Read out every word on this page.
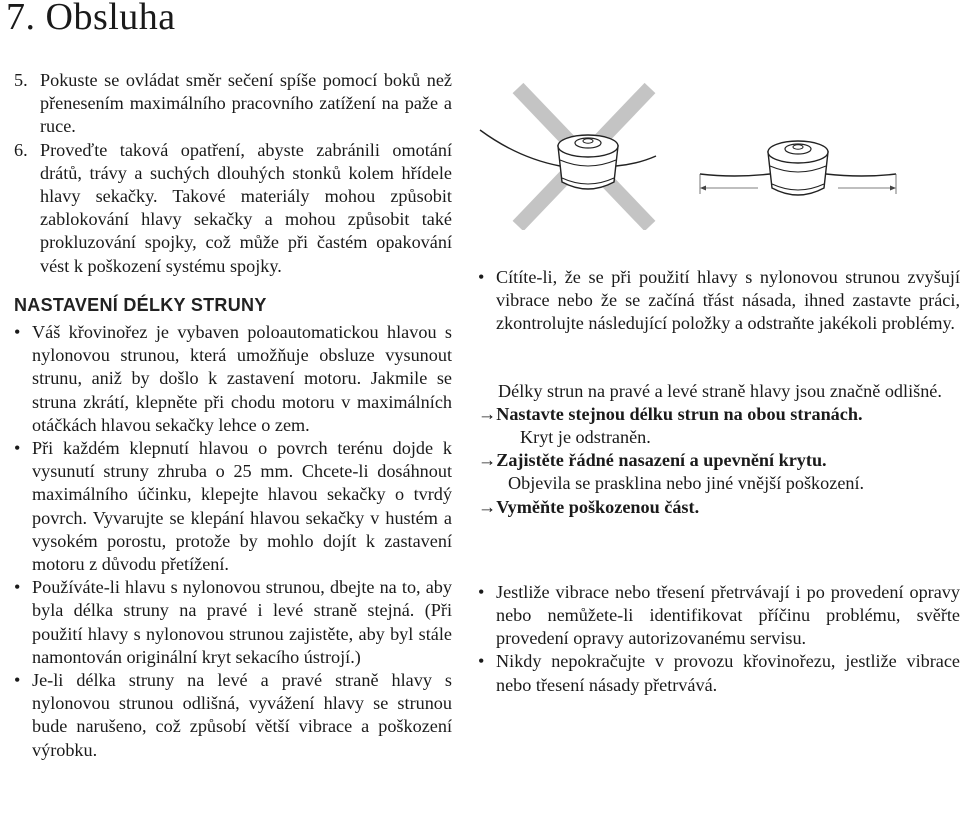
7. Obsluha
5. Pokuste se ovládat směr sečení spíše pomocí boků než přenesením maximálního pracovního zatížení na paže a ruce.
6. Proveďte taková opatření, abyste zabránili omotání drátů, trávy a suchých dlouhých stonků kolem hřídele hlavy sekačky. Takové materiály mohou způsobit zablokování hlavy sekačky a mohou způsobit také prokluzování spojky, což může při častém opakování vést k poškození systému spojky.
NASTAVENÍ DÉLKY STRUNY
• Váš křovinořez je vybaven poloautomatickou hlavou s nylonovou strunou, která umožňuje obsluze vysunout strunu, aniž by došlo k zastavení motoru. Jakmile se struna zkrátí, klepněte při chodu motoru v maximálních otáčkách hlavou sekačky lehce o zem.
• Při každém klepnutí hlavou o povrch terénu dojde k vysunutí struny zhruba o 25 mm. Chcete-li dosáhnout maximálního účinku, klepejte hlavou sekačky o tvrdý povrch. Vyvarujte se klepání hlavou sekačky v hustém a vysokém porostu, protože by mohlo dojít k zastavení motoru z důvodu přetížení.
• Používáte-li hlavu s nylonovou strunou, dbejte na to, aby byla délka struny na pravé i levé straně stejná. (Při použití hlavy s nylonovou strunou zajistěte, aby byl stále namontován originální kryt sekacího ústrojí.)
• Je-li délka struny na levé a pravé straně hlavy s nylonovou strunou odlišná, vyvážení hlavy se strunou bude narušeno, což způsobí větší vibrace a poškození výrobku.
• Cítíte-li, že se při použití hlavy s nylonovou strunou zvyšují vibrace nebo že se začíná třást násada, ihned zastavte práci, zkontrolujte následující položky a odstraňte jakékoli problémy.

Délky strun na pravé a levé straně hlavy jsou značně odlišné.

→Nastavte stejnou délku strun na obou stranách.

Kryt je odstraněn.

→Zajistěte řádné nasazení a upevnění krytu.

Objevila se prasklina nebo jiné vnější poškození.

→Vyměňte poškozenou část.

• Jestliže vibrace nebo třesení přetrvávají i po provedení opravy nebo nemůžete-li identifikovat příčinu problému, svěřte provedení opravy autorizovanému servisu.
• Nikdy nepokračujte v provozu křovinořezu, jestliže vibrace nebo třesení násady přetrvává.
